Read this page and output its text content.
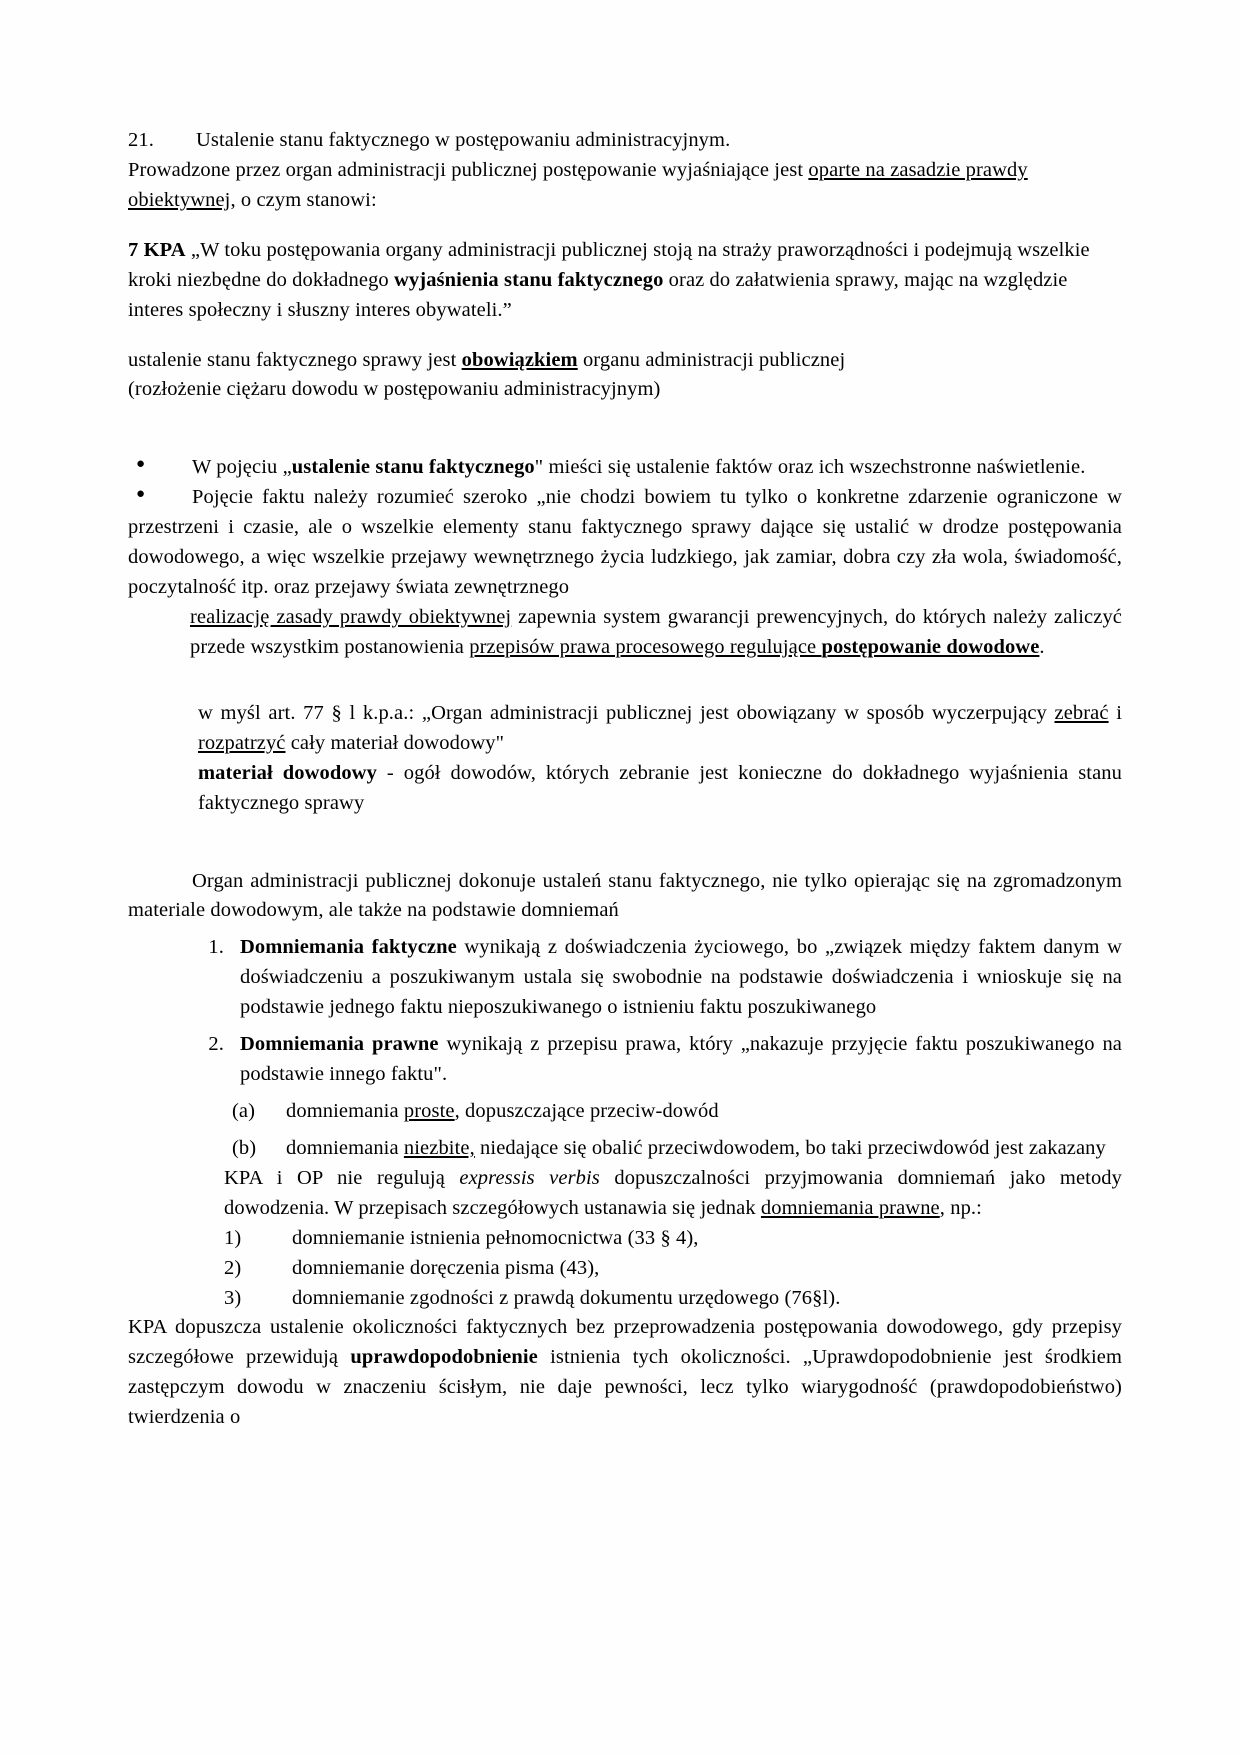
21. Ustalenie stanu faktycznego w postępowaniu administracyjnym.

Prowadzone przez organ administracji publicznej postępowanie wyjaśniające jest oparte na zasadzie prawdy obiektywnej, o czym stanowi:

7 KPA „W toku postępowania organy administracji publicznej stoją na straży praworządności i podejmują wszelkie kroki niezbędne do dokładnego wyjaśnienia stanu faktycznego oraz do załatwienia sprawy, mając na względzie interes społeczny i słuszny interes obywateli.”

ustalenie stanu faktycznego sprawy jest obowiązkiem organu administracji publicznej

(rozłożenie ciężaru dowodu w postępowaniu administracyjnym)

●	W pojęciu „ustalenie stanu faktycznego" mieści się ustalenie faktów oraz ich wszechstronne naświetlenie.
●	Pojęcie faktu należy rozumieć szeroko „nie chodzi bowiem tu tylko o konkretne zdarzenie ograniczone w przestrzeni i czasie, ale o wszelkie elementy stanu faktycznego sprawy dające się ustalić w drodze postępowania dowodowego, a więc wszelkie przejawy wewnętrznego życia ludzkiego, jak zamiar, dobra czy zła wola, świadomość, poczytalność itp. oraz przejawy świata zewnętrznego

realizację zasady prawdy obiektywnej zapewnia system gwarancji prewencyjnych, do których należy zaliczyć przede wszystkim postanowienia przepisów prawa procesowego regulujące postępowanie dowodowe.

w myśl art. 77 § l k.p.a.: „Organ administracji publicznej jest obowiązany w sposób wyczerpujący zebrać i rozpatrzyć cały materiał dowodowy"

materiał dowodowy - ogół dowodów, których zebranie jest konieczne do dokładnego wyjaśnienia stanu faktycznego sprawy

Organ administracji publicznej dokonuje ustaleń stanu faktycznego, nie tylko opierając się na zgromadzonym materiale dowodowym, ale także na podstawie domniemań

1. Domniemania faktyczne wynikają z doświadczenia życiowego, bo „związek między faktem danym w doświadczeniu a poszukiwanym ustala się swobodnie na podstawie doświadczenia i wnioskuje się na podstawie jednego faktu nieposzukiwanego o istnieniu faktu poszukiwanego
2. Domniemania prawne wynikają z przepisu prawa, który „nakazuje przyjęcie faktu poszukiwanego na podstawie innego faktu".
(a)	domniemania proste, dopuszczające przeciw-dowód
(b)	domniemania niezbite, niedające się obalić przeciwdowodem, bo taki przeciwdowód jest zakazany

KPA i OP nie regulują expressis verbis dopuszczalności przyjmowania domniemań jako metody dowodzenia. W przepisach szczegółowych ustanawia się jednak domniemania prawne, np.:

1)	domniemanie istnienia pełnomocnictwa (33 § 4),
2)	domniemanie doręczenia pisma (43),
3)	domniemanie zgodności z prawdą dokumentu urzędowego (76§l).

KPA dopuszcza ustalenie okoliczności faktycznych bez przeprowadzenia postępowania dowodowego, gdy przepisy szczegółowe przewidują uprawdopodobnienie istnienia tych okoliczności. „Uprawdopodobnienie jest środkiem zastępczym dowodu w znaczeniu ścisłym, nie daje pewności, lecz tylko wiarygodność (prawdopodobieństwo) twierdzenia o
